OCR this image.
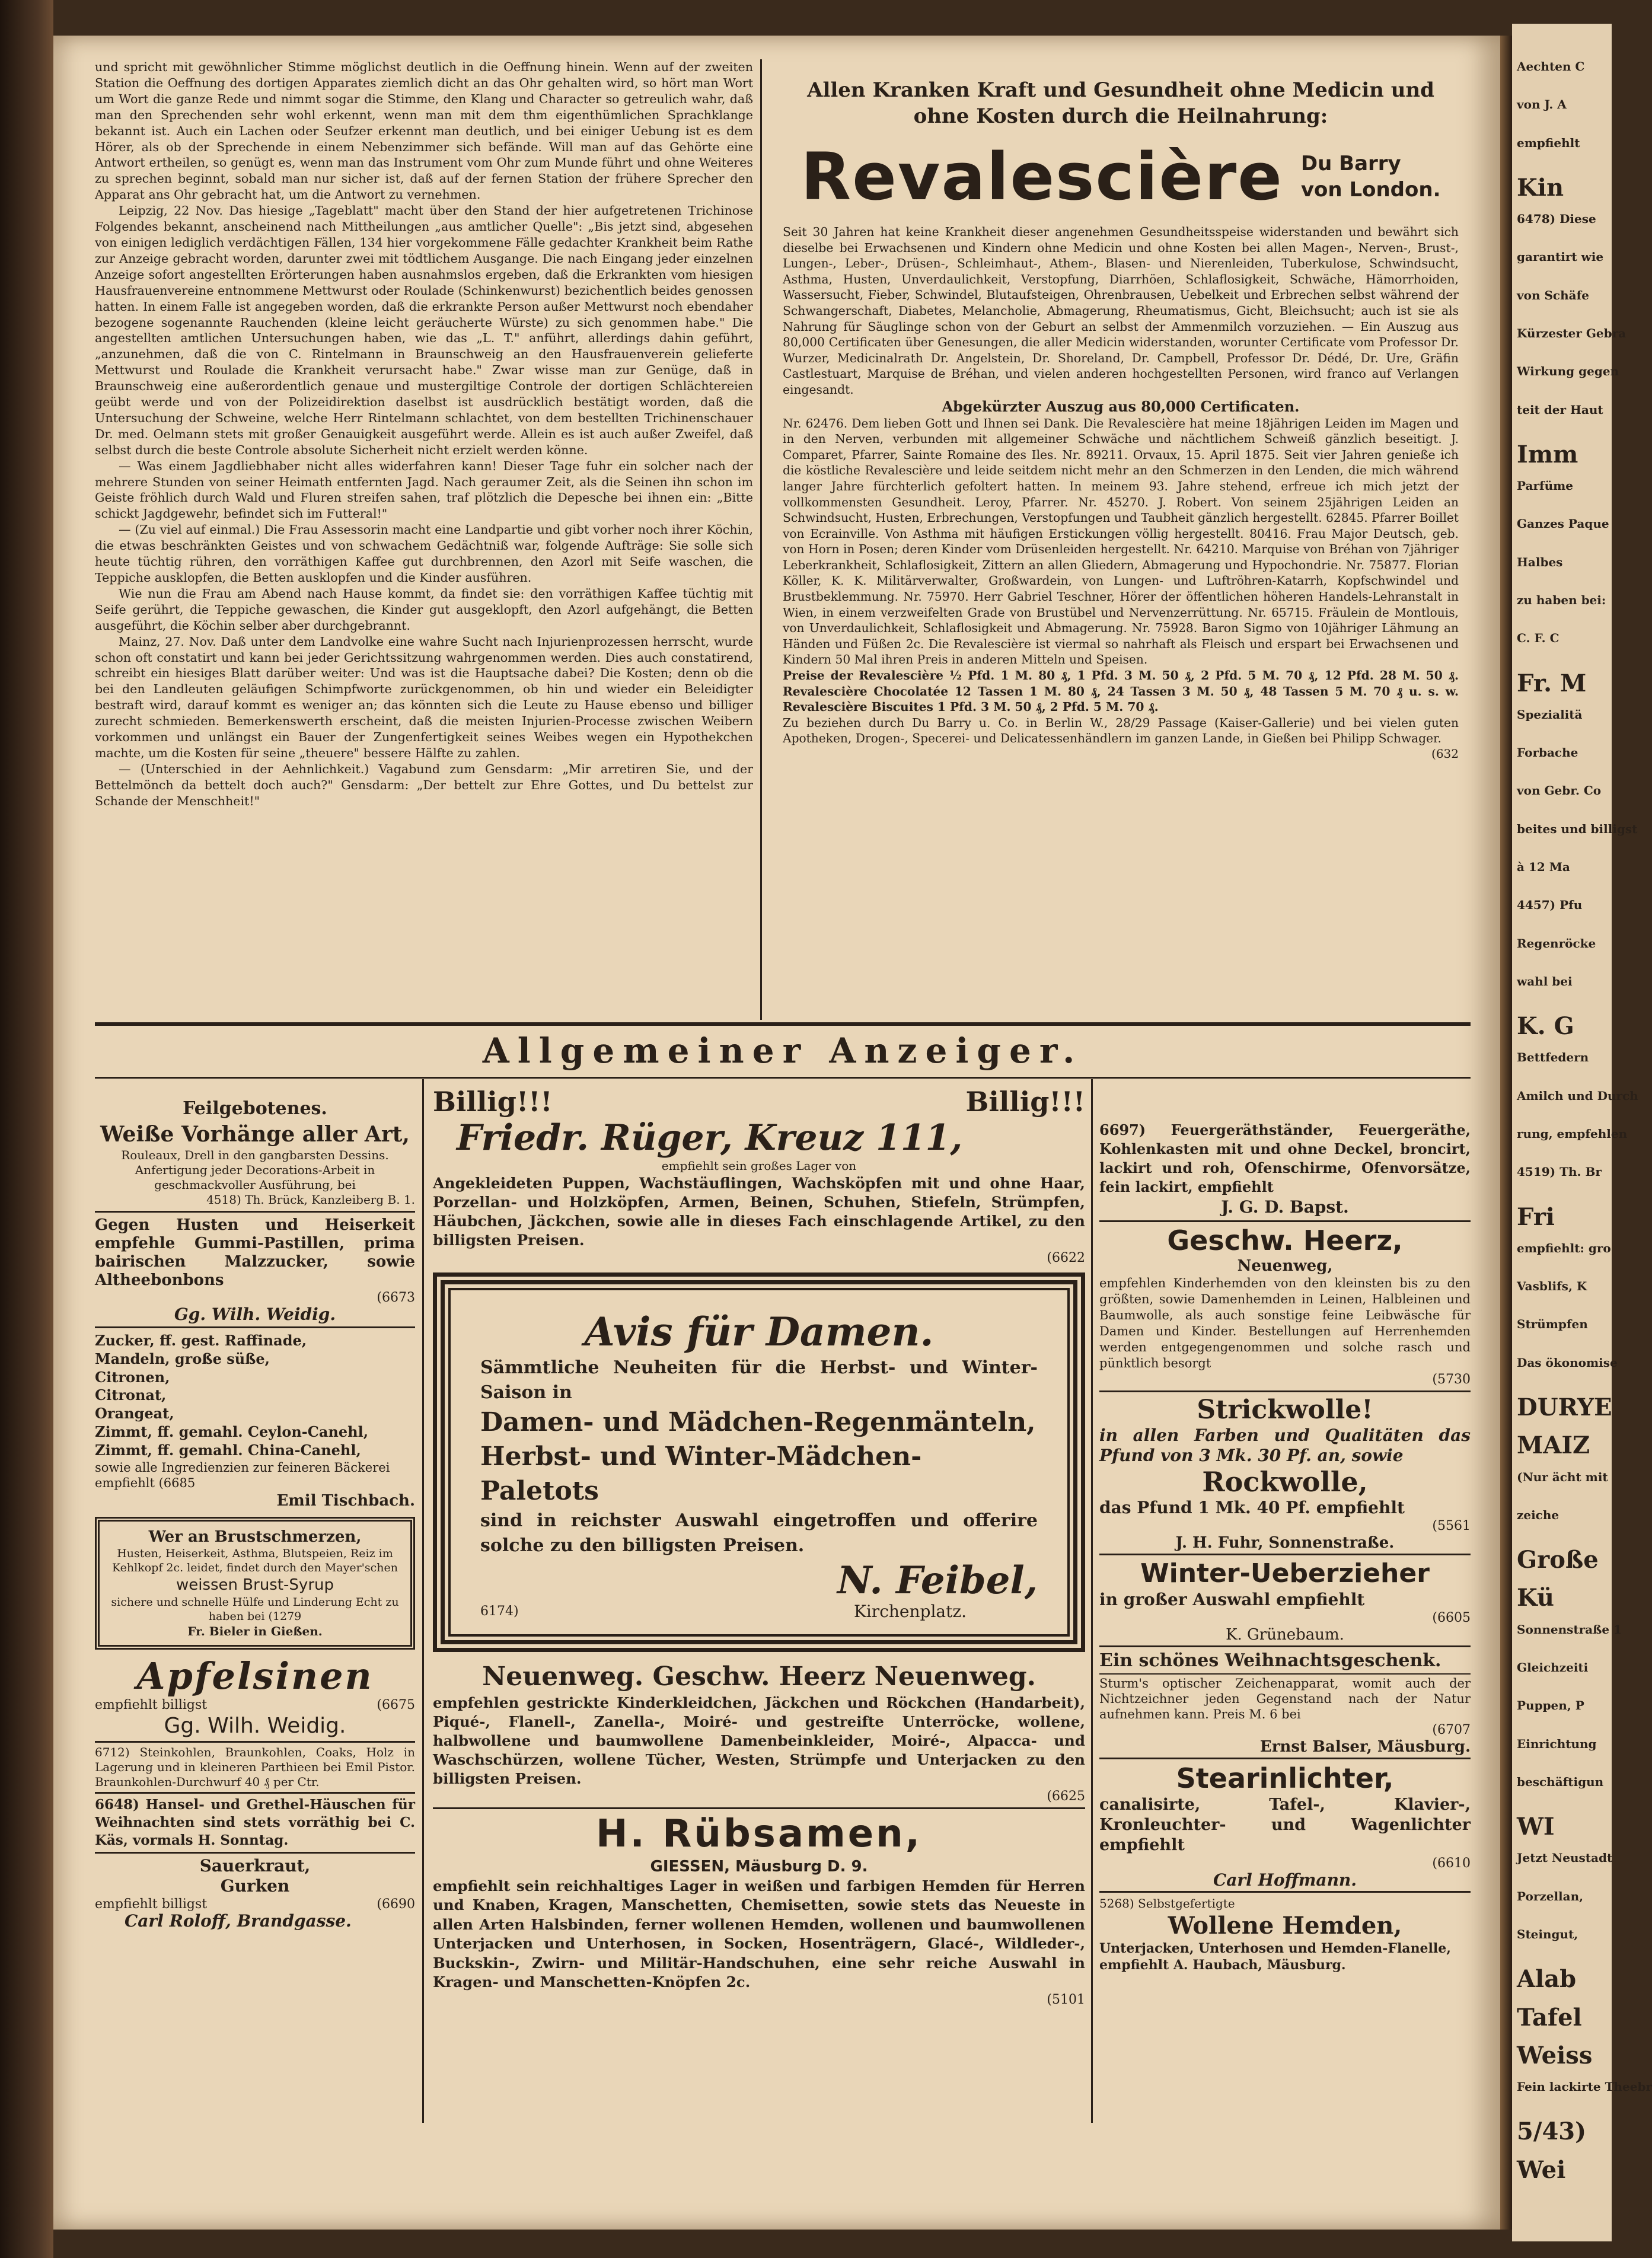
und spricht mit gewöhnlicher Stimme möglichst deutlich in die Oeffnung hinein. Wenn auf der zweiten Station die Oeffnung des dortigen Apparates ziemlich dicht an das Ohr gehalten wird, so hört man Wort um Wort die ganze Rede und nimmt sogar die Stimme, den Klang und Character so getreulich wahr, daß man den Sprechenden sehr wohl erkennt, wenn man mit dem thm eigenthümlichen Sprachklange bekannt ist. Auch ein Lachen oder Seufzer erkennt man deutlich, und bei einiger Uebung ist es dem Hörer, als ob der Sprechende in einem Nebenzimmer sich befände. Will man auf das Gehörte eine Antwort ertheilen, so genügt es, wenn man das Instrument vom Ohr zum Munde führt und ohne Weiteres zu sprechen beginnt, sobald man nur sicher ist, daß auf der fernen Station der frühere Sprecher den Apparat ans Ohr gebracht hat, um die Antwort zu vernehmen.

Leipzig, 22 Nov. Das hiesige „Tageblatt" macht über den Stand der hier aufgetretenen Trichinose Folgendes bekannt, anscheinend nach Mittheilungen „aus amtlicher Quelle": „Bis jetzt sind, abgesehen von einigen lediglich verdächtigen Fällen, 134 hier vorgekommene Fälle gedachter Krankheit beim Rathe zur Anzeige gebracht worden, darunter zwei mit tödtlichem Ausgange. Die nach Eingang jeder einzelnen Anzeige sofort angestellten Erörterungen haben ausnahmslos ergeben, daß die Erkrankten vom hiesigen Hausfrauenvereine entnommene Mettwurst oder Roulade (Schinkenwurst) bezichentlich beides genossen hatten. In einem Falle ist angegeben worden, daß die erkrankte Person außer Mettwurst noch ebendaher bezogene sogenannte Rauchenden (kleine leicht geräucherte Würste) zu sich genommen habe." Die angestellten amtlichen Untersuchungen haben, wie das „L. T." anführt, allerdings dahin geführt, „anzunehmen, daß die von C. Rintelmann in Braunschweig an den Hausfrauenverein gelieferte Mettwurst und Roulade die Krankheit verursacht habe." Zwar wisse man zur Genüge, daß in Braunschweig eine außerordentlich genaue und mustergiltige Controle der dortigen Schlächtereien geübt werde und von der Polizeidirektion daselbst ist ausdrücklich bestätigt worden, daß die Untersuchung der Schweine, welche Herr Rintelmann schlachtet, von dem bestellten Trichinenschauer Dr. med. Oelmann stets mit großer Genauigkeit ausgeführt werde. Allein es ist auch außer Zweifel, daß selbst durch die beste Controle absolute Sicherheit nicht erzielt werden könne.

— Was einem Jagdliebhaber nicht alles widerfahren kann! Dieser Tage fuhr ein solcher nach der mehrere Stunden von seiner Heimath entfernten Jagd. Nach geraumer Zeit, als die Seinen ihn schon im Geiste fröhlich durch Wald und Fluren streifen sahen, traf plötzlich die Depesche bei ihnen ein: „Bitte schickt Jagdgewehr, befindet sich im Futteral!"

— (Zu viel auf einmal.) Die Frau Assessorin macht eine Landpartie und gibt vorher noch ihrer Köchin, die etwas beschränkten Geistes und von schwachem Gedächtniß war, folgende Aufträge: Sie solle sich heute tüchtig rühren, den vorräthigen Kaffee gut durchbrennen, den Azorl mit Seife waschen, die Teppiche ausklopfen, die Betten ausklopfen und die Kinder ausführen.

Wie nun die Frau am Abend nach Hause kommt, da findet sie: den vorräthigen Kaffee tüchtig mit Seife gerührt, die Teppiche gewaschen, die Kinder gut ausgeklopft, den Azorl aufgehängt, die Betten ausgeführt, die Köchin selber aber durchgebrannt.

Mainz, 27. Nov. Daß unter dem Landvolke eine wahre Sucht nach Injurienprozessen herrscht, wurde schon oft constatirt und kann bei jeder Gerichtssitzung wahrgenommen werden. Dies auch constatirend, schreibt ein hiesiges Blatt darüber weiter: Und was ist die Hauptsache dabei? Die Kosten; denn ob die bei den Landleuten geläufigen Schimpfworte zurückgenommen, ob hin und wieder ein Beleidigter bestraft wird, darauf kommt es weniger an; das könnten sich die Leute zu Hause ebenso und billiger zurecht schmieden. Bemerkenswerth erscheint, daß die meisten Injurien-Processe zwischen Weibern vorkommen und unlängst ein Bauer der Zungenfertigkeit seines Weibes wegen ein Hypothekchen machte, um die Kosten für seine „theuere" bessere Hälfte zu zahlen.

— (Unterschied in der Aehnlichkeit.) Vagabund zum Gensdarm: „Mir arretiren Sie, und der Bettelmönch da bettelt doch auch?" Gensdarm: „Der bettelt zur Ehre Gottes, und Du bettelst zur Schande der Menschheit!"

Allen Kranken Kraft und Gesundheit ohne Medicin und ohne Kosten durch die Heilnahrung:
Revalescière Du Barry
von London.
Seit 30 Jahren hat keine Krankheit dieser angenehmen Gesundheitsspeise widerstanden und bewährt sich dieselbe bei Erwachsenen und Kindern ohne Medicin und ohne Kosten bei allen Magen-, Nerven-, Brust-, Lungen-, Leber-, Drüsen-, Schleimhaut-, Athem-, Blasen- und Nierenleiden, Tuberkulose, Schwindsucht, Asthma, Husten, Unverdaulichkeit, Verstopfung, Diarrhöen, Schlaflosigkeit, Schwäche, Hämorrhoiden, Wassersucht, Fieber, Schwindel, Blutaufsteigen, Ohrenbrausen, Uebelkeit und Erbrechen selbst während der Schwangerschaft, Diabetes, Melancholie, Abmagerung, Rheumatismus, Gicht, Bleichsucht; auch ist sie als Nahrung für Säuglinge schon von der Geburt an selbst der Ammenmilch vorzuziehen. — Ein Auszug aus 80,000 Certificaten über Genesungen, die aller Medicin widerstanden, worunter Certificate vom Professor Dr. Wurzer, Medicinalrath Dr. Angelstein, Dr. Shoreland, Dr. Campbell, Professor Dr. Dédé, Dr. Ure, Gräfin Castlestuart, Marquise de Bréhan, und vielen anderen hochgestellten Personen, wird franco auf Verlangen eingesandt.
Abgekürzter Auszug aus 80,000 Certificaten.
Nr. 62476. Dem lieben Gott und Ihnen sei Dank. Die Revalescière hat meine 18jährigen Leiden im Magen und in den Nerven, verbunden mit allgemeiner Schwäche und nächtlichem Schweiß gänzlich beseitigt. J. Comparet, Pfarrer, Sainte Romaine des Iles. Nr. 89211. Orvaux, 15. April 1875. Seit vier Jahren genieße ich die köstliche Revalescière und leide seitdem nicht mehr an den Schmerzen in den Lenden, die mich während langer Jahre fürchterlich gefoltert hatten. In meinem 93. Jahre stehend, erfreue ich mich jetzt der vollkommensten Gesundheit. Leroy, Pfarrer. Nr. 45270. J. Robert. Von seinem 25jährigen Leiden an Schwindsucht, Husten, Erbrechungen, Verstopfungen und Taubheit gänzlich hergestellt. 62845. Pfarrer Boillet von Ecrainville. Von Asthma mit häufigen Erstickungen völlig hergestellt. 80416. Frau Major Deutsch, geb. von Horn in Posen; deren Kinder vom Drüsenleiden hergestellt. Nr. 64210. Marquise von Bréhan von 7jähriger Leberkrankheit, Schlaflosigkeit, Zittern an allen Gliedern, Abmagerung und Hypochondrie. Nr. 75877. Florian Köller, K. K. Militärverwalter, Großwardein, von Lungen- und Luftröhren-Katarrh, Kopfschwindel und Brustbeklemmung. Nr. 75970. Herr Gabriel Teschner, Hörer der öffentlichen höheren Handels-Lehranstalt in Wien, in einem verzweifelten Grade von Brustübel und Nervenzerrüttung. Nr. 65715. Fräulein de Montlouis, von Unverdaulichkeit, Schlaflosigkeit und Abmagerung. Nr. 75928. Baron Sigmo von 10jähriger Lähmung an Händen und Füßen 2c. Die Revalescière ist viermal so nahrhaft als Fleisch und erspart bei Erwachsenen und Kindern 50 Mal ihren Preis in anderen Mitteln und Speisen.
Preise der Revalescière ½ Pfd. 1 M. 80 ₰, 1 Pfd. 3 M. 50 ₰, 2 Pfd. 5 M. 70 ₰, 12 Pfd. 28 M. 50 ₰. Revalescière Chocolatée 12 Tassen 1 M. 80 ₰, 24 Tassen 3 M. 50 ₰, 48 Tassen 5 M. 70 ₰ u. s. w. Revalescière Biscuites 1 Pfd. 3 M. 50 ₰, 2 Pfd. 5 M. 70 ₰.
Zu beziehen durch Du Barry u. Co. in Berlin W., 28/29 Passage (Kaiser-Gallerie) und bei vielen guten Apotheken, Drogen-, Specerei- und Delicatessenhändlern im ganzen Lande, in Gießen bei Philipp Schwager.
(632
Allgemeiner Anzeiger.
Feilgebotenes.
Weiße Vorhänge aller Art,
Rouleaux, Drell in den gangbarsten Dessins. Anfertigung jeder Decorations-Arbeit in geschmackvoller Ausführung, bei
4518) Th. Brück, Kanzleiberg B. 1.
Gegen Husten und Heiserkeit empfehle Gummi-Pastillen, prima bairischen Malzzucker, sowie Altheebonbons
(6673
Gg. Wilh. Weidig.
Zucker, ff. gest. Raffinade,
Mandeln, große süße,
Citronen,
Citronat,
Orangeat,
Zimmt, ff. gemahl. Ceylon-Canehl,
Zimmt, ff. gemahl. China-Canehl,
sowie alle Ingredienzien zur feineren Bäckerei empfiehlt (6685
Emil Tischbach.
Wer an Brustschmerzen,
Husten, Heiserkeit, Asthma, Blutspeien, Reiz im Kehlkopf 2c. leidet, findet durch den Mayer'schen
weissen Brust-Syrup
sichere und schnelle Hülfe und Linderung Echt zu haben bei (1279
Fr. Bieler in Gießen.
Apfelsinen
empfiehlt billigst	(6675
Gg. Wilh. Weidig.
6712) Steinkohlen, Braunkohlen, Coaks, Holz in Lagerung und in kleineren Parthieen bei Emil Pistor. Braunkohlen-Durchwurf 40 ₰ per Ctr.
6648) Hansel- und Grethel-Häuschen für Weihnachten sind stets vorräthig bei C. Käs, vormals H. Sonntag.
Sauerkraut,
Gurken
empfiehlt billigst	(6690
Carl Roloff, Brandgasse.
Billig!!!	Billig!!!
Friedr. Rüger, Kreuz 111,
empfiehlt sein großes Lager von
Angekleideten Puppen, Wachstäuflingen, Wachsköpfen mit und ohne Haar, Porzellan- und Holzköpfen, Armen, Beinen, Schuhen, Stiefeln, Strümpfen, Häubchen, Jäckchen, sowie alle in dieses Fach einschlagende Artikel, zu den billigsten Preisen.
(6622
Avis für Damen.
Sämmtliche Neuheiten für die Herbst- und Winter-Saison in
Damen- und Mädchen-Regenmänteln,
Herbst- und Winter-Mädchen-Paletots
sind in reichster Auswahl eingetroffen und offerire solche zu den billigsten Preisen.
N. Feibel,
6174)	Kirchenplatz.
Neuenweg. Geschw. Heerz Neuenweg.
empfehlen gestrickte Kinderkleidchen, Jäckchen und Röckchen (Handarbeit), Piqué-, Flanell-, Zanella-, Moiré- und gestreifte Unterröcke, wollene, halbwollene und baumwollene Damenbeinkleider, Moiré-, Alpacca- und Waschschürzen, wollene Tücher, Westen, Strümpfe und Unterjacken zu den billigsten Preisen.
(6625
H. Rübsamen,
GIESSEN, Mäusburg D. 9.
empfiehlt sein reichhaltiges Lager in weißen und farbigen Hemden für Herren und Knaben, Kragen, Manschetten, Chemisetten, sowie stets das Neueste in allen Arten Halsbinden, ferner wollenen Hemden, wollenen und baumwollenen Unterjacken und Unterhosen, in Socken, Hosenträgern, Glacé-, Wildleder-, Buckskin-, Zwirn- und Militär-Handschuhen, eine sehr reiche Auswahl in Kragen- und Manschetten-Knöpfen 2c.
(5101
6697) Feuergeräthständer, Feuergeräthe, Kohlenkasten mit und ohne Deckel, broncirt, lackirt und roh, Ofenschirme, Ofenvorsätze, fein lackirt, empfiehlt
J. G. D. Bapst.
Geschw. Heerz,
Neuenweg,
empfehlen Kinderhemden von den kleinsten bis zu den größten, sowie Damenhemden in Leinen, Halbleinen und Baumwolle, als auch sonstige feine Leibwäsche für Damen und Kinder. Bestellungen auf Herrenhemden werden entgegengenommen und solche rasch und pünktlich besorgt
(5730
Strickwolle!
in allen Farben und Qualitäten das Pfund von 3 Mk. 30 Pf. an, sowie
Rockwolle,
das Pfund 1 Mk. 40 Pf. empfiehlt
(5561
J. H. Fuhr, Sonnenstraße.
Winter-Ueberzieher
in großer Auswahl empfiehlt
(6605
K. Grünebaum.
Ein schönes Weihnachtsgeschenk.
Sturm's optischer Zeichenapparat, womit auch der Nichtzeichner jeden Gegenstand nach der Natur aufnehmen kann. Preis M. 6 bei
(6707
Ernst Balser, Mäusburg.
Stearinlichter,
canalisirte, Tafel-, Klavier-, Kronleuchter- und Wagenlichter empfiehlt
(6610
Carl Hoffmann.
5268) Selbstgefertigte
Wollene Hemden,
Unterjacken, Unterhosen und Hemden-Flanelle, empfiehlt A. Haubach, Mäusburg.
Aechten C
von J. A
empfiehlt
Kin
6478) Diese
garantirt wie
von Schäfe
Kürzester Gebra
Wirkung gegen
teit der Haut
Imm
Parfüme
Ganzes Paque
Halbes
zu haben bei:
C. F. C
Fr. M
Spezialitä
Forbache
von Gebr. Co
beites und billigst
à 12 Ma
4457) Pfu
Regenröcke
wahl bei
K. G
Bettfedern
Amilch und Durch
rung, empfehlen
4519) Th. Br
Fri
empfiehlt: gro
Vasblifs, K
Strümpfen
Das ökonomise
DURYE
MAIZ
(Nur ächt mit
zeiche
Große
Kü
Sonnenstraße 1
Gleichzeiti
Puppen, P
Einrichtung
beschäftigun
WI
Jetzt Neustadt
Porzellan,
Steingut,
Alab
Tafel
Weiss
Fein lackirte Theebr
5/43)
Wei
